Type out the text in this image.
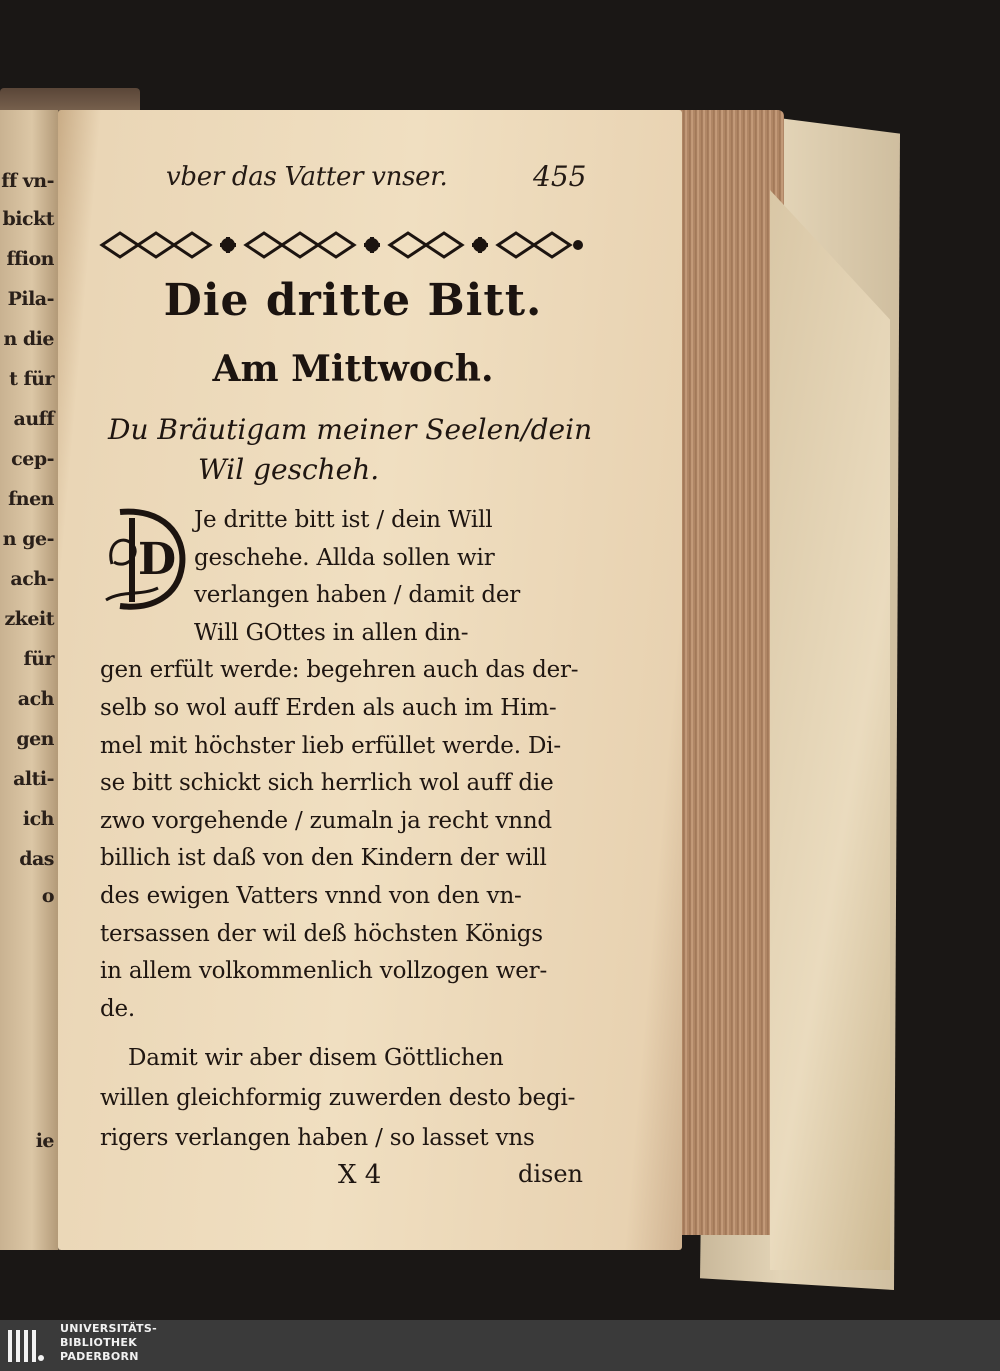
ff vn-
bickt
ffion
Pila-
n die
t für
auff
cep-
fnen
n ge-
ach-
zkeit
für
ach
gen
alti-
ich
das
o
ie
vber das Vatter vnser.	455
Die dritte Bitt.
Am Mittwoch.
Du Bräutigam meiner Seelen/dein
Wil gescheh.
D
Je dritte bitt ist / dein Will
geschehe. Allda sollen wir
verlangen haben / damit der
Will GOttes in allen din-
gen erfült werde: begehren auch das der-
selb so wol auff Erden als auch im Him-
mel mit höchster lieb erfüllet werde. Di-
se bitt schickt sich herrlich wol auff die
zwo vorgehende / zumaln ja recht vnnd
billich ist daß von den Kindern der will
des ewigen Vatters vnnd von den vn-
tersassen der wil deß höchsten Königs
in allem volkommenlich vollzogen wer-
de.
Damit wir aber disem Göttlichen
willen gleichformig zuwerden desto begi-
rigers verlangen haben / so lasset vns
X 4	disen
UNIVERSITÄTS-
BIBLIOTHEK
PADERBORN
